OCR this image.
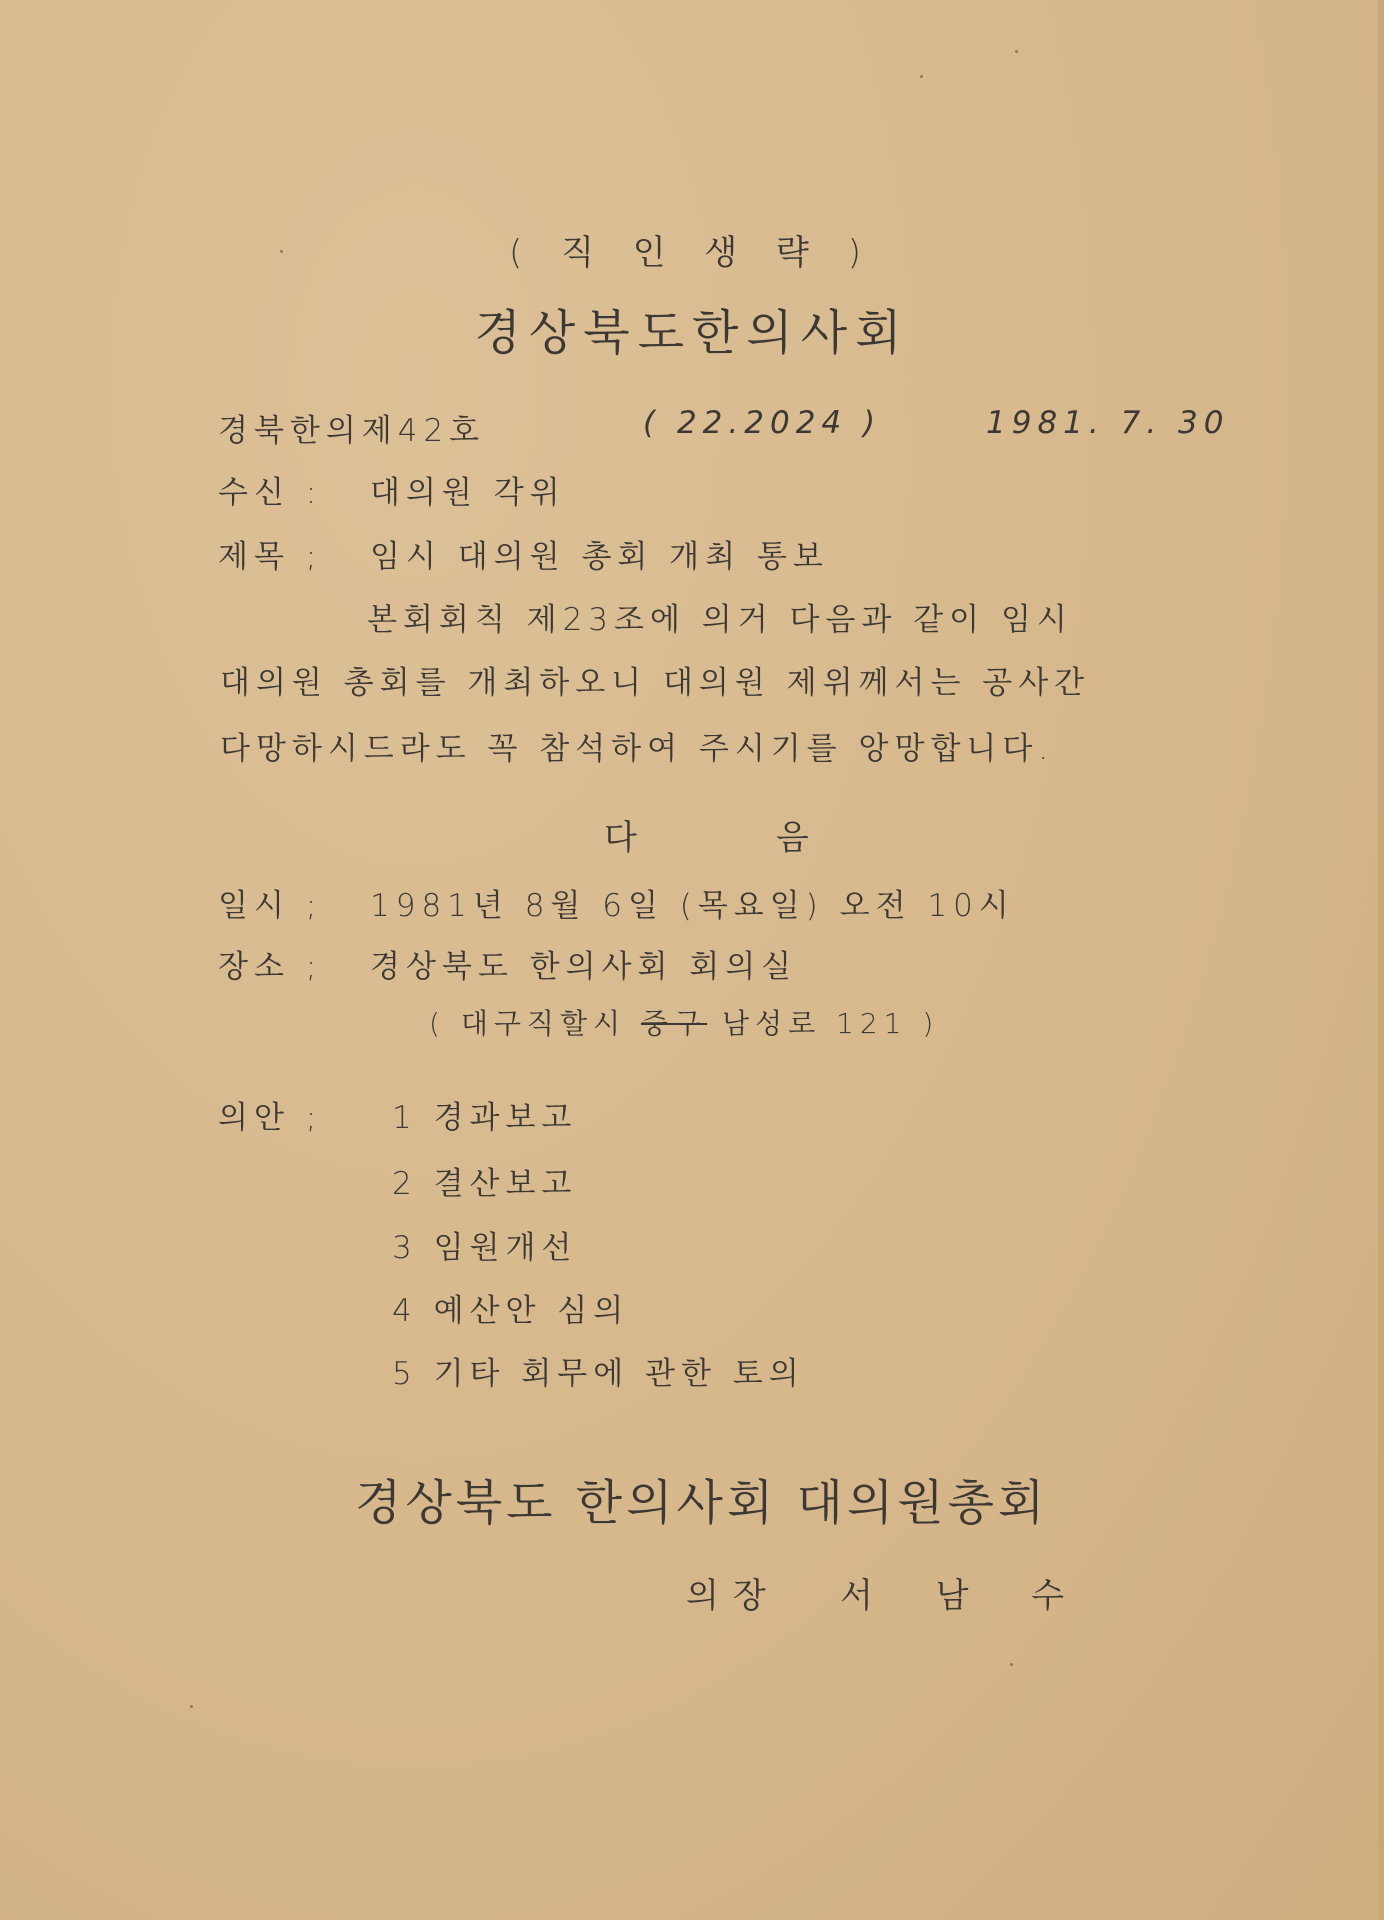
( 직 인 생 략 )
경상북도한의사회
경북한의제42호	( 22.2024 )	1981. 7. 30
수신 : 대의원 각위
제목 ; 임시 대의원 총회 개최 통보
본회회칙 제23조에 의거 다음과 같이 임시
대의원 총회를 개최하오니 대의원 제위께서는 공사간
다망하시드라도 꼭 참석하여 주시기를 앙망합니다.
다	음
일시 ; 1981년 8월 6일 (목요일) 오전 10시
장소 ; 경상북도 한의사회 회의실
( 대구직할시 중구 남성로 121 )
의안 ; 1 경과보고
2 결산보고
3 임원개선
4 예산안 심의
5 기타 회무에 관한 토의
경상북도 한의사회 대의원총회
의장 서 남 수
